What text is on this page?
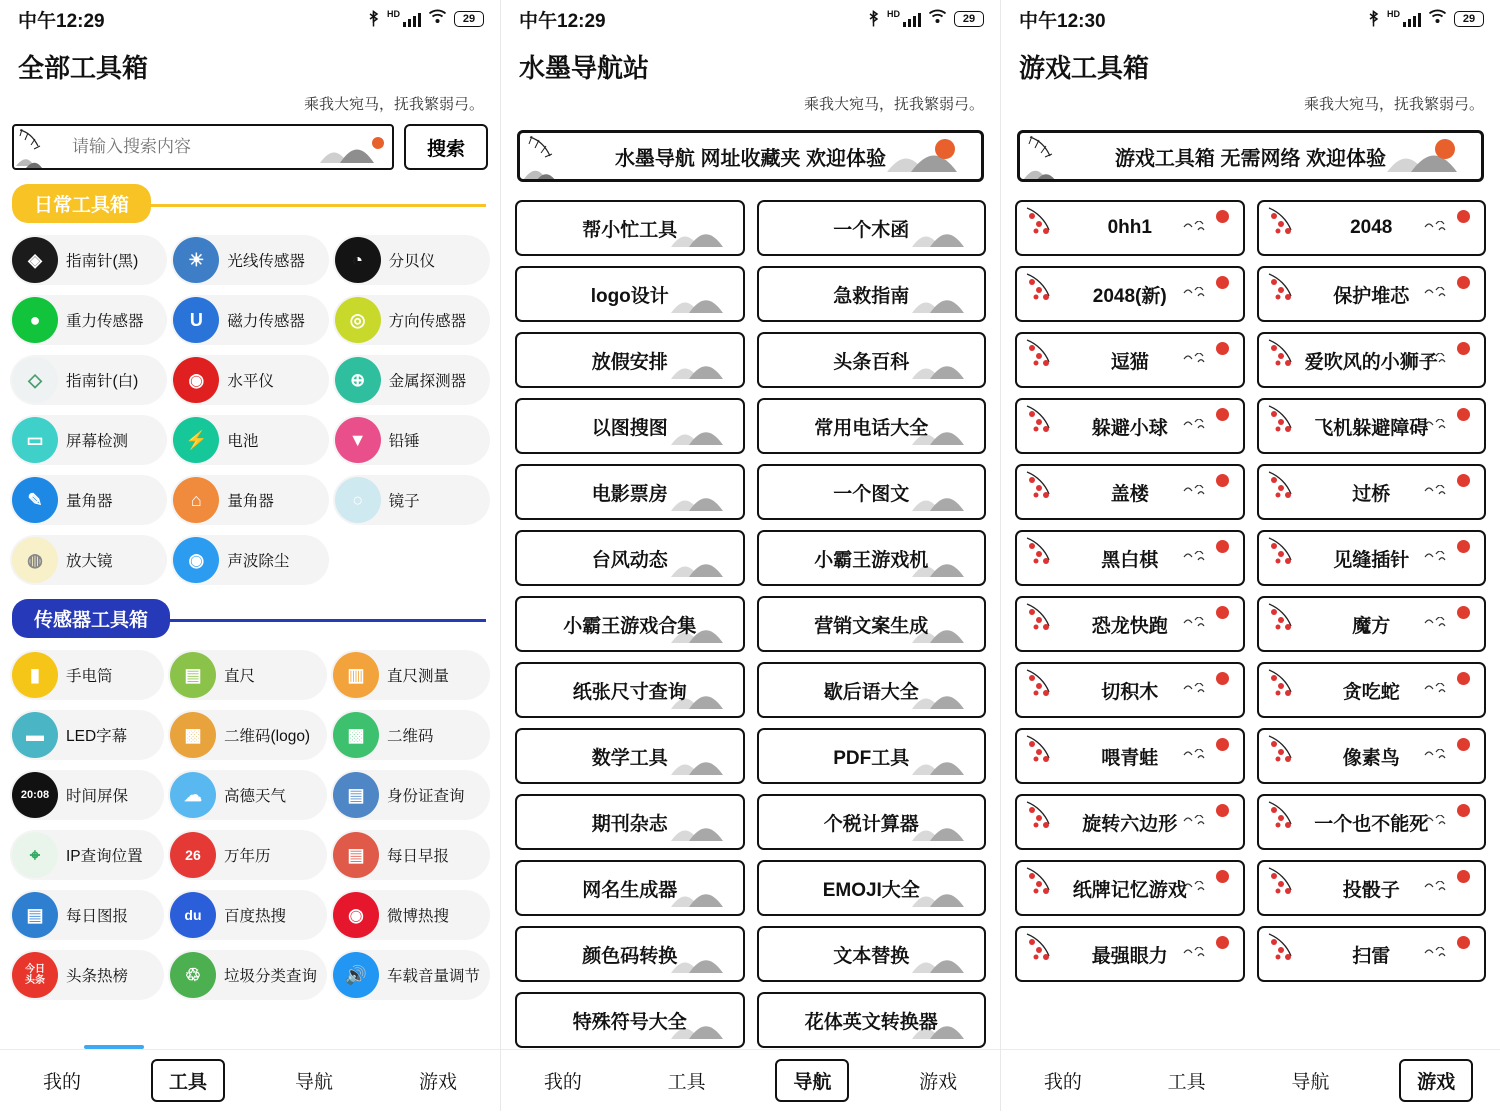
中午12:29	HD	29
全部工具箱
乘我大宛马，抚我繁弱弓。
请输入搜索内容
搜索
日常工具箱
◈	指南针(黑)	☀	光线传感器	◔	分贝仪
●	重力传感器	U	磁力传感器	◎	方向传感器
◇	指南针(白)	◉	水平仪	⊕	金属探测器
▭	屏幕检测	⚡	电池	▼	铅锤
✎	量角器	⌂	量角器	○	镜子
◍	放大镜	◉	声波除尘
传感器工具箱
▮	手电筒	▤	直尺	▥	直尺测量
▬	LED字幕	▩	二维码(logo)	▩	二维码
20:08	时间屏保	☁	高德天气	▤	身份证查询
⌖	IP查询位置	26	万年历	▤	每日早报
▤	每日图报	du	百度热搜	◉	微博热搜
今日
头条	头条热榜	♲	垃圾分类查询	🔊	车载音量调节
我的	工具	导航	游戏
中午12:29	HD	29
水墨导航站
乘我大宛马，抚我繁弱弓。
水墨导航 网址收藏夹 欢迎体验
帮小忙工具	一个木函
logo设计	急救指南
放假安排	头条百科
以图搜图	常用电话大全
电影票房	一个图文
台风动态	小霸王游戏机
小霸王游戏合集	营销文案生成
纸张尺寸查询	歇后语大全
数学工具	PDF工具
期刊杂志	个税计算器
网名生成器	EMOJI大全
颜色码转换	文本替换
特殊符号大全	花体英文转换器
我的	工具	导航	游戏
中午12:30	HD	29
游戏工具箱
乘我大宛马，抚我繁弱弓。
游戏工具箱 无需网络 欢迎体验
0hh1	2048
2048(新)	保护堆芯
逗猫	爱吹风的小狮子
躲避小球	飞机躲避障碍
盖楼	过桥
黑白棋	见缝插针
恐龙快跑	魔方
切积木	贪吃蛇
喂青蛙	像素鸟
旋转六边形	一个也不能死
纸牌记忆游戏	投骰子
最强眼力	扫雷
我的	工具	导航	游戏
